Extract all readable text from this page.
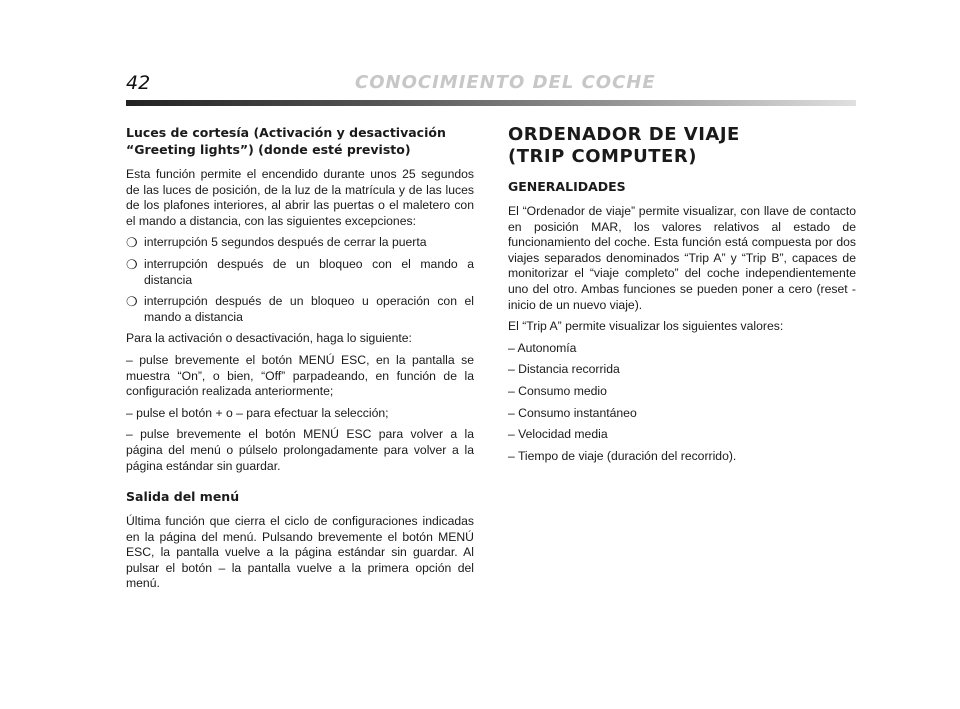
42	CONOCIMIENTO DEL COCHE
Luces de cortesía (Activación y desactivación
“Greeting lights”) (donde esté previsto)

Esta función permite el encendido durante unos 25 segundos de las luces de posición, de la luz de la matrícula y de las luces de los plafones interiores, al abrir las puertas o el maletero con el mando a distancia, con las siguientes excepciones:

❍ interrupción 5 segundos después de cerrar la puerta

❍ interrupción después de un bloqueo con el mando a distancia

❍ interrupción después de un bloqueo u operación con el mando a distancia

Para la activación o desactivación, haga lo siguiente:

– pulse brevemente el botón MENÚ ESC, en la pantalla se muestra “On”, o bien, “Off” parpadeando, en función de la configuración realizada anteriormente;

– pulse el botón + o – para efectuar la selección;

– pulse brevemente el botón MENÚ ESC para volver a la página del menú o púlselo prolongadamente para volver a la página estándar sin guardar.

Salida del menú

Última función que cierra el ciclo de configuraciones indicadas en la página del menú. Pulsando brevemente el botón MENÚ ESC, la pantalla vuelve a la página estándar sin guardar. Al pulsar el botón – la pantalla vuelve a la primera opción del menú.

ORDENADOR DE VIAJE
(TRIP COMPUTER)
GENERALIDADES

El “Ordenador de viaje” permite visualizar, con llave de contacto en posición MAR, los valores relativos al estado de funcionamiento del coche. Esta función está compuesta por dos viajes separados denominados “Trip A” y “Trip B”, capaces de monitorizar el “viaje completo” del coche independientemente uno del otro. Ambas funciones se pueden poner a cero (reset - inicio de un nuevo viaje).

El “Trip A” permite visualizar los siguientes valores:

– Autonomía

– Distancia recorrida

– Consumo medio

– Consumo instantáneo

– Velocidad media

– Tiempo de viaje (duración del recorrido).
